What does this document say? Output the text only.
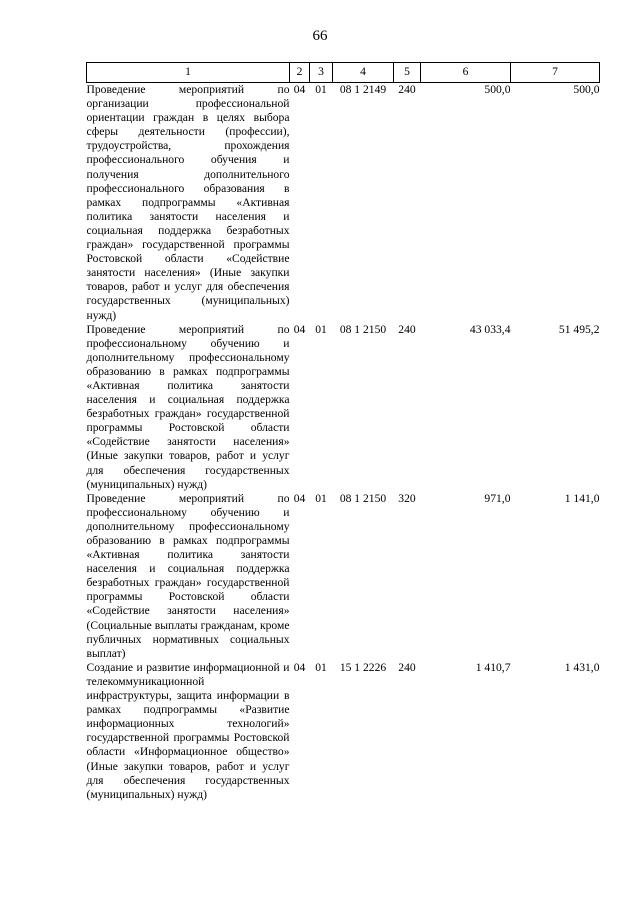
66
1	2	3	4	5	6	7
Проведение мероприятий по организации профессиональной ориентации граждан в целях выбора сферы деятельности (профессии), трудоустройства, прохождения профессионального обучения и получения дополнительного профессионального образования в рамках подпрограммы «Активная политика занятости населения и социальная поддержка безработных граждан» государственной программы Ростовской области «Содействие занятости населения» (Иные закупки товаров, работ и услуг для обеспечения государственных (муниципальных) нужд)	04	01	08 1 2149	240	500,0	500,0
Проведение мероприятий по профессиональному обучению и дополнительному профессиональному образованию в рамках подпрограммы «Активная политика занятости населения и социальная поддержка безработных граждан» государственной программы Ростовской области «Содействие занятости населения» (Иные закупки товаров, работ и услуг для обеспечения государственных (муниципальных) нужд)	04	01	08 1 2150	240	43 033,4	51 495,2
Проведение мероприятий по профессиональному обучению и дополнительному профессиональному образованию в рамках подпрограммы «Активная политика занятости населения и социальная поддержка безработных граждан» государственной программы Ростовской области «Содействие занятости населения» (Социальные выплаты гражданам, кроме публичных нормативных социальных выплат)	04	01	08 1 2150	320	971,0	1 141,0
Создание и развитие информационной и телекоммуникационной инфраструктуры, защита информации в рамках подпрограммы «Развитие информационных технологий» государственной программы Ростовской области «Информационное общество» (Иные закупки товаров, работ и услуг для обеспечения государственных (муниципальных) нужд)	04	01	15 1 2226	240	1 410,7	1 431,0
